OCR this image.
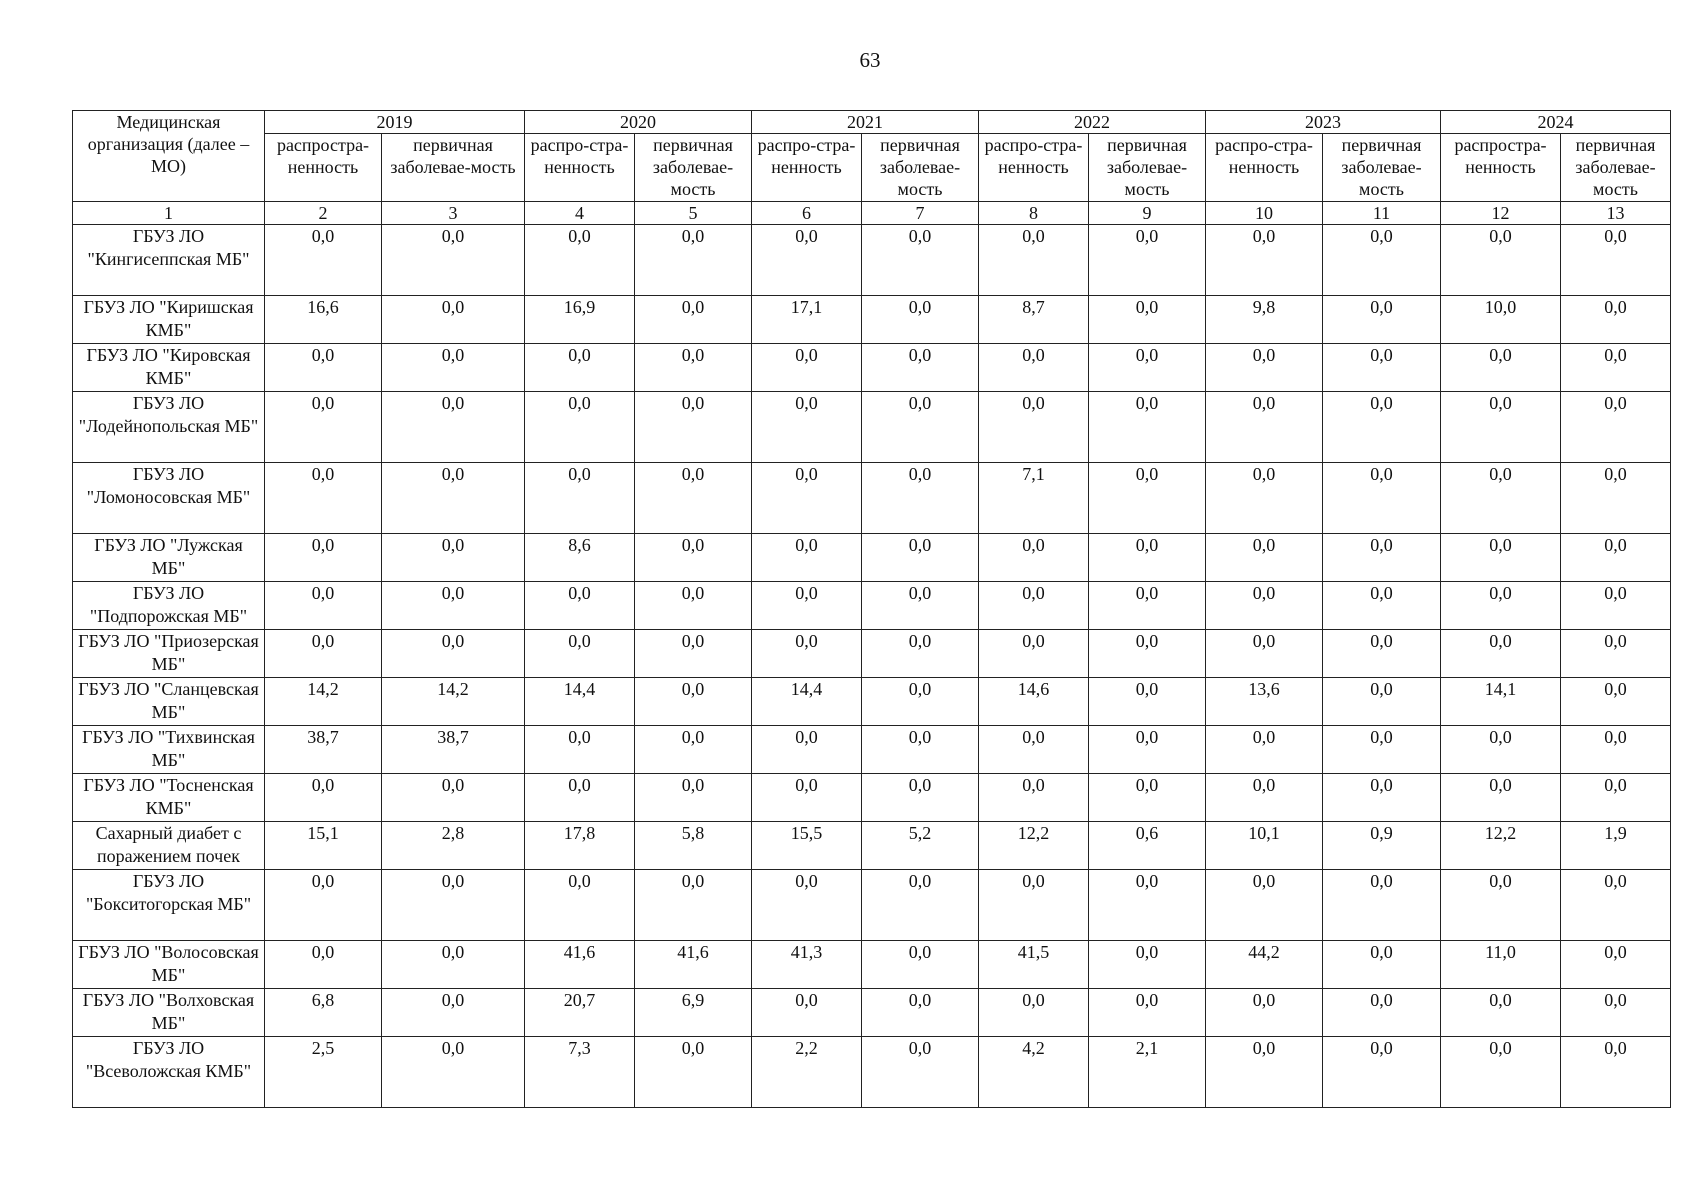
63
Медицинская организация (далее – МО)	2019		2020		2021		2022		2023		2024	
	распростра-ненность	первичная заболевае-мость	распро-стра-ненность	первичная заболевае-мость	распро-стра-ненность	первичная заболевае-мость	распро-стра-ненность	первичная заболевае-мость	распро-стра-ненность	первичная заболевае-мость	распростра-ненность	первичная заболевае-мость
1	2	3	4	5	6	7	8	9	10	11	12	13
ГБУЗ ЛО "Кингисеппская МБ"	0,0	0,0	0,0	0,0	0,0	0,0	0,0	0,0	0,0	0,0	0,0	0,0
ГБУЗ ЛО "Киришская КМБ"	16,6	0,0	16,9	0,0	17,1	0,0	8,7	0,0	9,8	0,0	10,0	0,0
ГБУЗ ЛО "Кировская КМБ"	0,0	0,0	0,0	0,0	0,0	0,0	0,0	0,0	0,0	0,0	0,0	0,0
ГБУЗ ЛО "Лодейнопольская МБ"	0,0	0,0	0,0	0,0	0,0	0,0	0,0	0,0	0,0	0,0	0,0	0,0
ГБУЗ ЛО "Ломоносовская МБ"	0,0	0,0	0,0	0,0	0,0	0,0	7,1	0,0	0,0	0,0	0,0	0,0
ГБУЗ ЛО "Лужская МБ"	0,0	0,0	8,6	0,0	0,0	0,0	0,0	0,0	0,0	0,0	0,0	0,0
ГБУЗ ЛО "Подпорожская МБ"	0,0	0,0	0,0	0,0	0,0	0,0	0,0	0,0	0,0	0,0	0,0	0,0
ГБУЗ ЛО "Приозерская МБ"	0,0	0,0	0,0	0,0	0,0	0,0	0,0	0,0	0,0	0,0	0,0	0,0
ГБУЗ ЛО "Сланцевская МБ"	14,2	14,2	14,4	0,0	14,4	0,0	14,6	0,0	13,6	0,0	14,1	0,0
ГБУЗ ЛО "Тихвинская МБ"	38,7	38,7	0,0	0,0	0,0	0,0	0,0	0,0	0,0	0,0	0,0	0,0
ГБУЗ ЛО "Тосненская КМБ"	0,0	0,0	0,0	0,0	0,0	0,0	0,0	0,0	0,0	0,0	0,0	0,0
Сахарный диабет с поражением почек	15,1	2,8	17,8	5,8	15,5	5,2	12,2	0,6	10,1	0,9	12,2	1,9
ГБУЗ ЛО "Бокситогорская МБ"	0,0	0,0	0,0	0,0	0,0	0,0	0,0	0,0	0,0	0,0	0,0	0,0
ГБУЗ ЛО "Волосовская МБ"	0,0	0,0	41,6	41,6	41,3	0,0	41,5	0,0	44,2	0,0	11,0	0,0
ГБУЗ ЛО "Волховская МБ"	6,8	0,0	20,7	6,9	0,0	0,0	0,0	0,0	0,0	0,0	0,0	0,0
ГБУЗ ЛО "Всеволожская КМБ"	2,5	0,0	7,3	0,0	2,2	0,0	4,2	2,1	0,0	0,0	0,0	0,0
